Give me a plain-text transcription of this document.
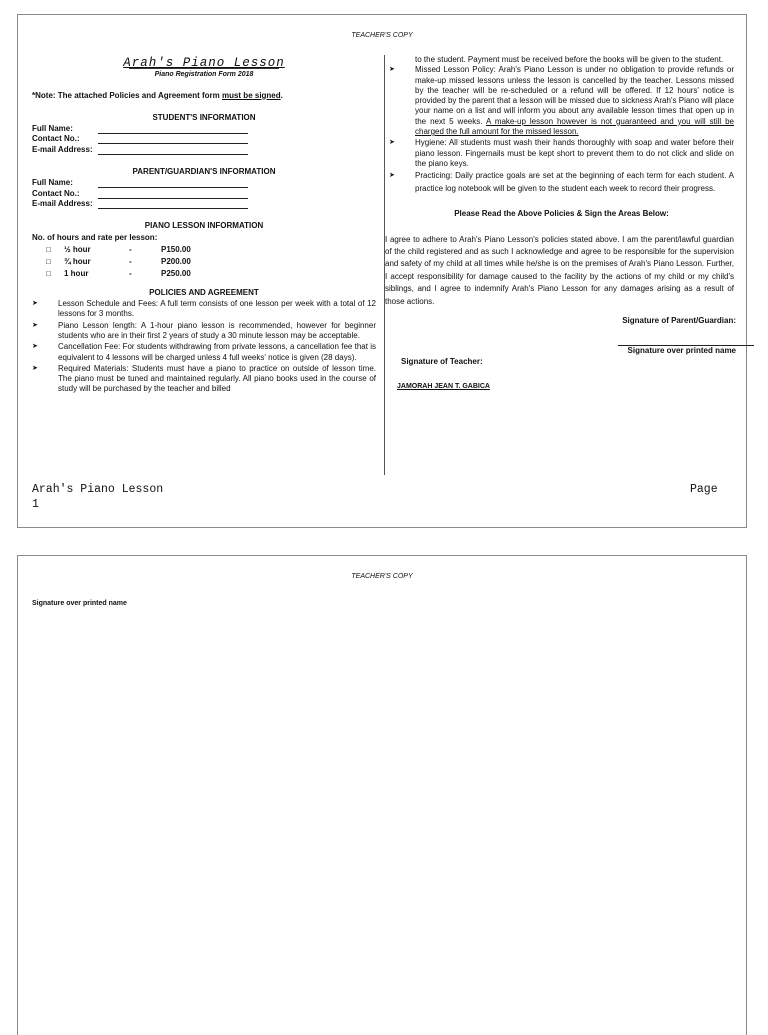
TEACHER'S COPY
Arah's Piano Lesson
Piano Registration Form 2018
*Note: The attached Policies and Agreement form must be signed.
STUDENT'S INFORMATION
Full Name:
Contact No.:
E-mail Address:
PARENT/GUARDIAN'S INFORMATION
Full Name:
Contact No.:
E-mail Address:
PIANO LESSON INFORMATION
No. of hours and rate per lesson:
□	½ hour	-	P150.00
□	¾ hour	-	P200.00
□	1 hour	-	P250.00
POLICIES AND AGREEMENT
➤ Lesson Schedule and Fees: A full term consists of one lesson per week with a total of 12 lessons for 3 months.
➤ Piano Lesson length: A 1-hour piano lesson is recommended, however for beginner students who are in their first 2 years of study a 30 minute lesson may be acceptable.
➤ Cancellation Fee: For students withdrawing from private lessons, a cancellation fee that is equivalent to 4 lessons will be charged unless 4 full weeks' notice is given (28 days).
➤ Required Materials: Students must have a piano to practice on outside of lesson time. The piano must be tuned and maintained regularly. All piano books used in the course of study will be purchased by the teacher and billed
to the student. Payment must be received before the books will be given to the student.
➤ Missed Lesson Policy: Arah's Piano Lesson is under no obligation to provide refunds or make-up missed lessons unless the lesson is cancelled by the teacher. Lessons missed by the teacher will be re-scheduled or a refund will be offered. If 12 hours' notice is provided by the parent that a lesson will be missed due to sickness Arah's Piano will place your name on a list and will inform you about any available lesson times that open up in the next 5 weeks. A make-up lesson however is not guaranteed and you will still be charged the full amount for the missed lesson.
➤ Hygiene: All students must wash their hands thoroughly with soap and water before their piano lesson. Fingernails must be kept short to prevent them to do not click and slide on the piano keys.
➤ Practicing: Daily practice goals are set at the beginning of each term for each student. A practice log notebook will be given to the student each week to record their progress.
Please Read the Above Policies & Sign the Areas Below:
I agree to adhere to Arah's Piano Lesson's policies stated above. I am the parent/lawful guardian of the child registered and as such I acknowledge and agree to be responsible for the supervision and safety of my child at all times while he/she is on the premises of Arah's Piano Lesson. Further, I accept responsibility for damage caused to the facility by the actions of my child or my child's siblings, and I agree to indemnify Arah's Piano Lesson for any damages arising as a result of those actions.
Signature of Parent/Guardian:
Signature over printed name
Signature of Teacher:
JAMORAH JEAN T. GABICA
Arah's Piano Lesson
1
Page
TEACHER'S COPY
Signature over printed name
